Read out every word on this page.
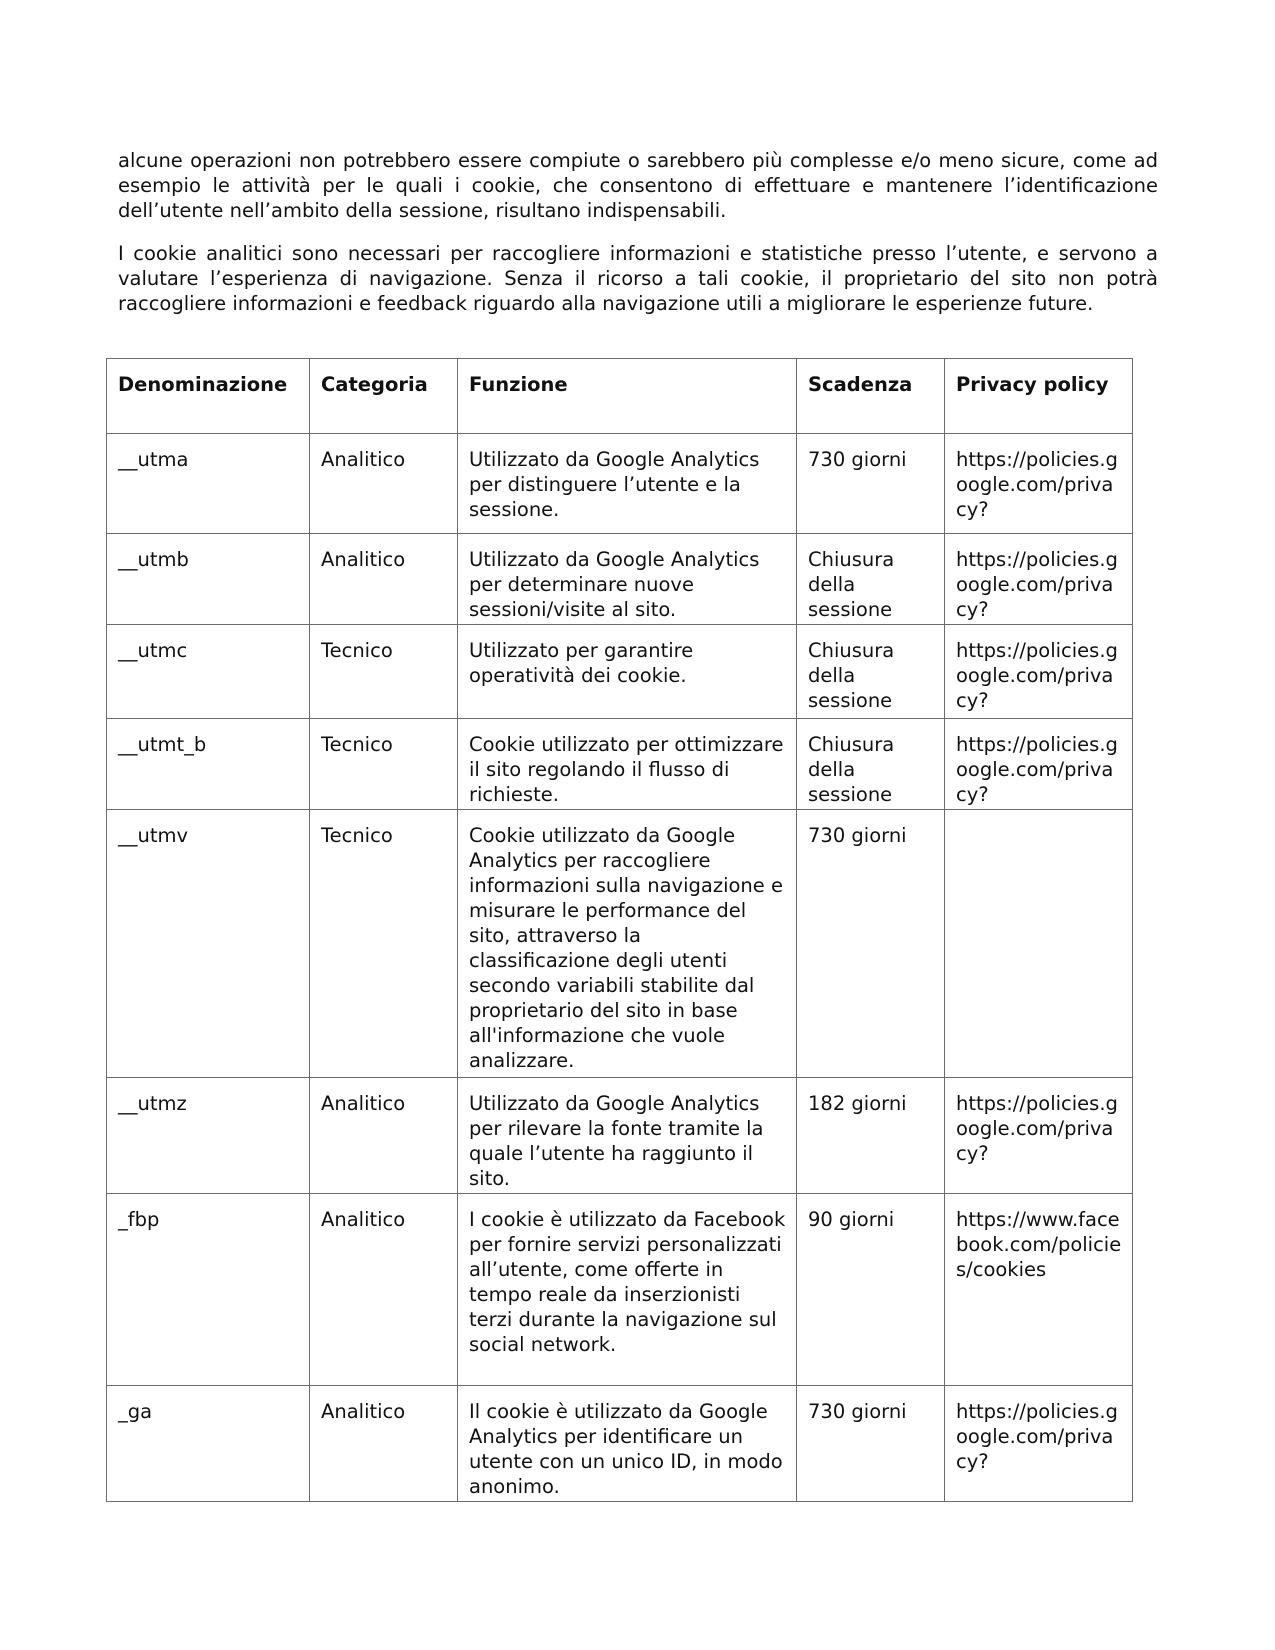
alcune operazioni non potrebbero essere compiute o sarebbero più complesse e/o meno sicure, come ad esempio le attività per le quali i cookie, che consentono di effettuare e mantenere l’identificazione dell’utente nell’ambito della sessione, risultano indispensabili.

I cookie analitici sono necessari per raccogliere informazioni e statistiche presso l’utente, e servono a valutare l’esperienza di navigazione. Senza il ricorso a tali cookie, il proprietario del sito non potrà raccogliere informazioni e feedback riguardo alla navigazione utili a migliorare le esperienze future.

Denominazione	Categoria	Funzione	Scadenza	Privacy policy
__utma	Analitico	Utilizzato da Google Analytics per distinguere l’utente e la sessione.	730 giorni	https://policies.google.com/privacy?
__utmb	Analitico	Utilizzato da Google Analytics per determinare nuove sessioni/visite al sito.	Chiusura della sessione	https://policies.google.com/privacy?
__utmc	Tecnico	Utilizzato per garantire operatività dei cookie.	Chiusura della sessione	https://policies.google.com/privacy?
__utmt_b	Tecnico	Cookie utilizzato per ottimizzare il sito regolando il flusso di richieste.	Chiusura della sessione	https://policies.google.com/privacy?
__utmv	Tecnico	Cookie utilizzato da Google Analytics per raccogliere informazioni sulla navigazione e misurare le performance del sito, attraverso la classificazione degli utenti secondo variabili stabilite dal proprietario del sito in base all'informazione che vuole analizzare.	730 giorni	
__utmz	Analitico	Utilizzato da Google Analytics per rilevare la fonte tramite la quale l’utente ha raggiunto il sito.	182 giorni	https://policies.google.com/privacy?
_fbp	Analitico	I cookie è utilizzato da Facebook per fornire servizi personalizzati all’utente, come offerte in tempo reale da inserzionisti terzi durante la navigazione sul social network.	90 giorni	https://www.facebook.com/policies/cookies
_ga	Analitico	Il cookie è utilizzato da Google Analytics per identificare un utente con un unico ID, in modo anonimo.	730 giorni	https://policies.google.com/privacy?
